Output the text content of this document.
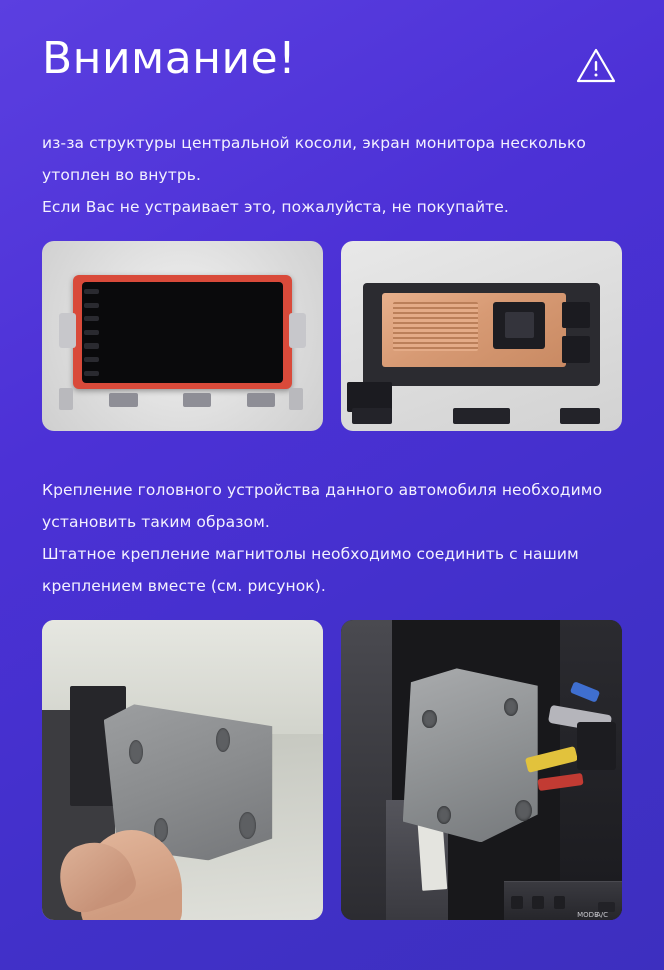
Внимание!

из-за структуры центральной косоли, экран монитора несколько

утоплен во внутрь.

Если Вас не устраивает это, пожалуйста, не покупайте.

Крепление головного устройства данного автомобиля необходимо

установить таким образом.

Штатное крепление магнитолы необходимо соединить с нашим

креплением вместе (см. рисунок).

MODE
A/C
